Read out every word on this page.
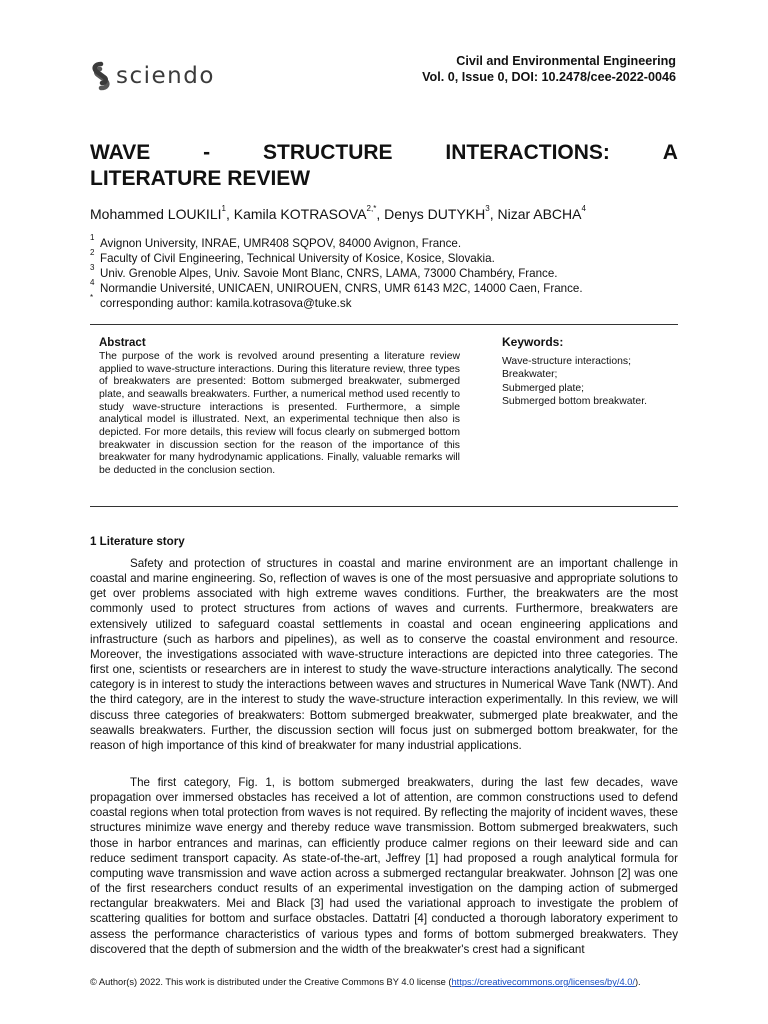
sciendo
Civil and Environmental Engineering
Vol. 0, Issue 0, DOI: 10.2478/cee-2022-0046
WAVE	-	STRUCTURE	INTERACTIONS:	A
LITERATURE REVIEW
Mohammed LOUKILI$^1$, Kamila $KOTRASOVA^{2,*}$, Denys DUTYKH$^3$, Nizar ABCHA$^4$
1 Avignon University, INRAE, UMR408 SQPOV, 84000 Avignon, France.
2 Faculty of Civil Engineering, Technical University of Kosice, Kosice, Slovakia.
3 Univ. Grenoble Alpes, Univ. Savoie Mont Blanc, CNRS, LAMA, 73000 Chambéry, France.
4 Normandie Université, UNICAEN, UNIROUEN, CNRS, UMR 6143 M2C, 14000 Caen, France.
* corresponding author: kamila.kotrasova@tuke.sk
Abstract

The purpose of the work is revolved around presenting a literature review applied to wave-structure interactions. During this literature review, three types of breakwaters are presented: Bottom submerged breakwater, submerged plate, and seawalls breakwaters. Further, a numerical method used recently to study wave-structure interactions is presented. Furthermore, a simple analytical model is illustrated. Next, an experimental technique then also is depicted. For more details, this review will focus clearly on submerged bottom breakwater in discussion section for the reason of the importance of this breakwater for many hydrodynamic applications. Finally, valuable remarks will be deducted in the conclusion section.

Keywords:
Wave-structure interactions;
Breakwater;
Submerged plate;
Submerged bottom breakwater.
1 Literature story

Safety and protection of structures in coastal and marine environment are an important challenge in coastal and marine engineering. So, reflection of waves is one of the most persuasive and appropriate solutions to get over problems associated with high extreme waves conditions. Further, the breakwaters are the most commonly used to protect structures from actions of waves and currents. Furthermore, breakwaters are extensively utilized to safeguard coastal settlements in coastal and ocean engineering applications and infrastructure (such as harbors and pipelines), as well as to conserve the coastal environment and resource. Moreover, the investigations associated with wave-structure interactions are depicted into three categories. The first one, scientists or researchers are in interest to study the wave-structure interactions analytically. The second category is in interest to study the interactions between waves and structures in Numerical Wave Tank (NWT). And the third category, are in the interest to study the wave-structure interaction experimentally. In this review, we will discuss three categories of breakwaters: Bottom submerged breakwater, submerged plate breakwater, and the seawalls breakwaters. Further, the discussion section will focus just on submerged bottom breakwater, for the reason of high importance of this kind of breakwater for many industrial applications.

The first category, Fig. 1, is bottom submerged breakwaters, during the last few decades, wave propagation over immersed obstacles has received a lot of attention, are common constructions used to defend coastal regions when total protection from waves is not required. By reflecting the majority of incident waves, these structures minimize wave energy and thereby reduce wave transmission. Bottom submerged breakwaters, such those in harbor entrances and marinas, can efficiently produce calmer regions on their leeward side and can reduce sediment transport capacity. As state-of-the-art, Jeffrey [1] had proposed a rough analytical formula for computing wave transmission and wave action across a submerged rectangular breakwater. Johnson [2] was one of the first researchers conduct results of an experimental investigation on the damping action of submerged rectangular breakwaters. Mei and Black [3] had used the variational approach to investigate the problem of scattering qualities for bottom and surface obstacles. Dattatri [4] conducted a thorough laboratory experiment to assess the performance characteristics of various types and forms of bottom submerged breakwaters. They discovered that the depth of submersion and the width of the breakwater's crest had a significant

© Author(s) 2022. This work is distributed under the Creative Commons BY 4.0 license (https://creativecommons.org/licenses/by/4.0/).
